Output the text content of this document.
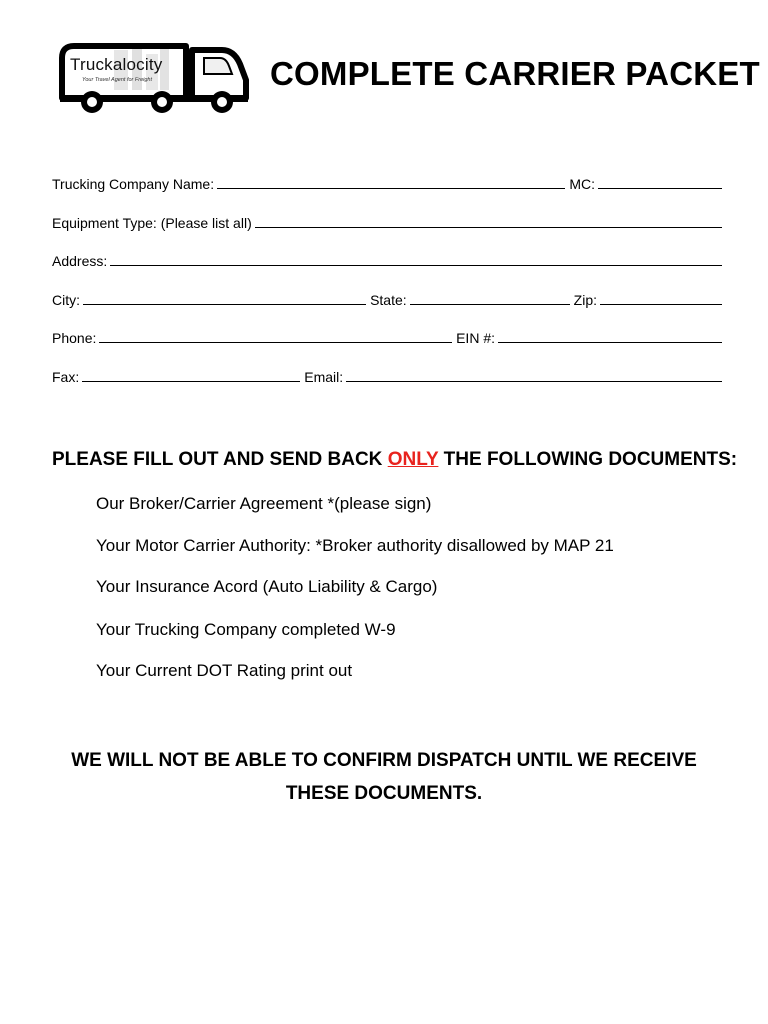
Truckalocity
Your Travel Agent for Freight	COMPLETE CARRIER PACKET
Trucking Company Name:	MC:
Equipment Type: (Please list all)
Address:
City:	State:	Zip:
Phone:	EIN #:
Fax:	Email:
PLEASE FILL OUT AND SEND BACK ONLY THE FOLLOWING DOCUMENTS:
Our Broker/Carrier Agreement *(please sign)
Your Motor Carrier Authority: *Broker authority disallowed by MAP 21
Your Insurance Acord (Auto Liability & Cargo)
Your Trucking Company completed W-9
Your Current DOT Rating print out
WE WILL NOT BE ABLE TO CONFIRM DISPATCH UNTIL WE RECEIVE
THESE DOCUMENTS.
